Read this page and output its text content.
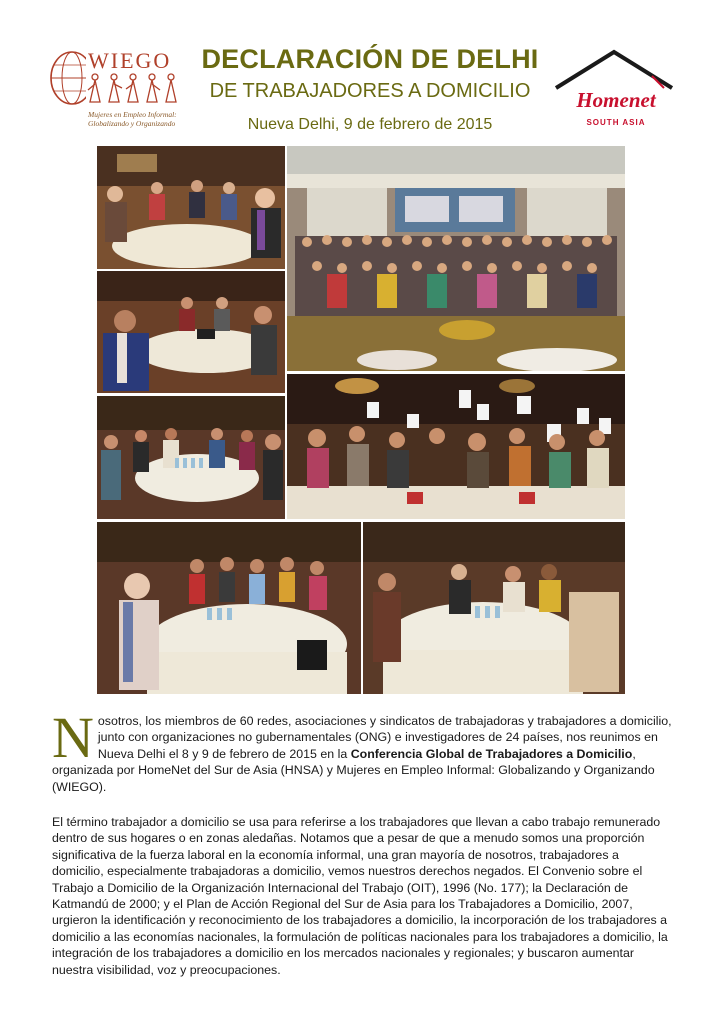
WIEGO
Mujeres en Empleo Informal: Globalizando y Organizando
DECLARACIÓN DE DELHI
DE TRABAJADORES A DOMICILIO
Nueva Delhi, 9 de febrero de 2015
Homenet
SOUTH ASIA
N osotros, los miembros de 60 redes, asociaciones y sindicatos de trabajadoras y trabajadores a domicilio, junto con organizaciones no gubernamentales (ONG) e investigadores de 24 países, nos reunimos en Nueva Delhi el 8 y 9 de febrero de 2015 en la Conferencia Global de Trabajadores a Domicilio, organizada por HomeNet del Sur de Asia (HNSA) y Mujeres en Empleo Informal: Globalizando y Organizando (WIEGO).

El término trabajador a domicilio se usa para referirse a los trabajadores que llevan a cabo trabajo remunerado dentro de sus hogares o en zonas aledañas. Notamos que a pesar de que a menudo somos una proporción significativa de la fuerza laboral en la economía informal, una gran mayoría de nosotros, trabajadores a domicilio, especialmente trabajadoras a domicilio, vemos nuestros derechos negados. El Convenio sobre el Trabajo a Domicilio de la Organización Internacional del Trabajo (OIT), 1996 (No. 177); la Declaración de Katmandú de 2000; y el Plan de Acción Regional del Sur de Asia para los Trabajadores a Domicilio, 2007, urgieron la identificación y reconocimiento de los trabajadores a domicilio, la incorporación de los trabajadores a domicilio a las economías nacionales, la formulación de políticas nacionales para los trabajadores a domicilio, la integración de los trabajadores a domicilio en los mercados nacionales y regionales; y buscaron aumentar nuestra visibilidad, voz y preocupaciones.
